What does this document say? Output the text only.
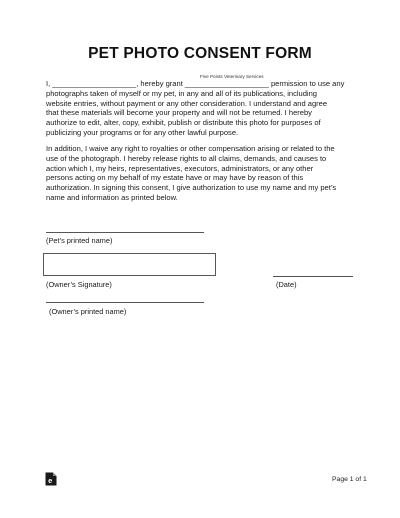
PET PHOTO CONSENT FORM
Five Points Veterinary Services
I, ____________________, hereby grant ____________________ permission to use any
photographs taken of myself or my pet, in any and all of its publications, including
website entries, without payment or any other consideration. I understand and agree
that these materials will become your property and will not be returned. I hereby
authorize to edit, alter, copy, exhibit, publish or distribute this photo for purposes of
publicizing your programs or for any other lawful purpose.
In addition, I waive any right to royalties or other compensation arising or related to the
use of the photograph. I hereby release rights to all claims, demands, and causes to
action which I, my heirs, representatives, executors, administrators, or any other
persons acting on my behalf of my estate have or may have by reason of this
authorization. In signing this consent, I give authorization to use my name and my pet’s
name and information as printed below.
(Pet’s printed name)
(Owner’s Signature)	(Date)
(Owner’s printed name)
e	Page 1 of 1
